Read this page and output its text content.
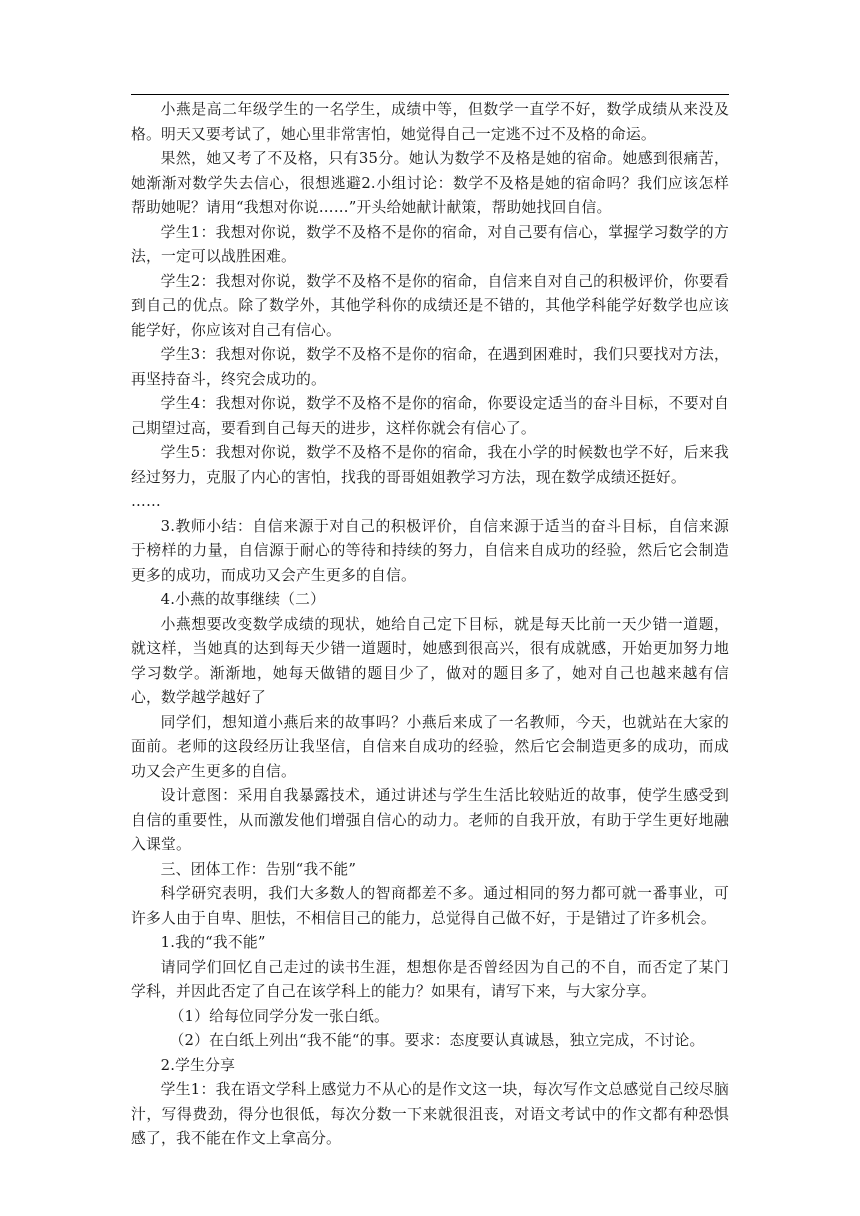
小燕是高二年级学生的一名学生，成绩中等，但数学一直学不好，数学成绩从来没及格。明天又要考试了，她心里非常害怕，她觉得自己一定逃不过不及格的命运。

果然，她又考了不及格，只有35分。她认为数学不及格是她的宿命。她感到很痛苦，她渐渐对数学失去信心，很想逃避2.小组讨论：数学不及格是她的宿命吗？我们应该怎样帮助她呢？请用“我想对你说……”开头给她献计献策，帮助她找回自信。

学生1：我想对你说，数学不及格不是你的宿命，对自己要有信心，掌握学习数学的方法，一定可以战胜困难。

学生2：我想对你说，数学不及格不是你的宿命，自信来自对自己的积极评价，你要看到自己的优点。除了数学外，其他学科你的成绩还是不错的，其他学科能学好数学也应该能学好，你应该对自己有信心。

学生3：我想对你说，数学不及格不是你的宿命，在遇到困难时，我们只要找对方法，再坚持奋斗，终究会成功的。

学生4：我想对你说，数学不及格不是你的宿命，你要设定适当的奋斗目标，不要对自己期望过高，要看到自己每天的进步，这样你就会有信心了。

学生5：我想对你说，数学不及格不是你的宿命，我在小学的时候数也学不好，后来我经过努力，克服了内心的害怕，找我的哥哥姐姐教学习方法，现在数学成绩还挺好。

……

3.教师小结：自信来源于对自己的积极评价，自信来源于适当的奋斗目标，自信来源于榜样的力量，自信源于耐心的等待和持续的努力，自信来自成功的经验，然后它会制造更多的成功，而成功又会产生更多的自信。

4.小燕的故事继续（二）

小燕想要改变数学成绩的现状，她给自己定下目标，就是每天比前一天少错一道题，就这样，当她真的达到每天少错一道题时，她感到很高兴，很有成就感，开始更加努力地学习数学。渐渐地，她每天做错的题目少了，做对的题目多了，她对自己也越来越有信心，数学越学越好了

同学们，想知道小燕后来的故事吗？小燕后来成了一名教师，今天，也就站在大家的面前。老师的这段经历让我坚信，自信来自成功的经验，然后它会制造更多的成功，而成功又会产生更多的自信。

设计意图：采用自我暴露技术，通过讲述与学生生活比较贴近的故事，使学生感受到自信的重要性，从而激发他们增强自信心的动力。老师的自我开放，有助于学生更好地融入课堂。

三、团体工作：告别“我不能”

科学研究表明，我们大多数人的智商都差不多。通过相同的努力都可就一番事业，可许多人由于自卑、胆怯，不相信目己的能力，总觉得自己做不好，于是错过了许多机会。

1.我的“我不能”

请同学们回忆自己走过的读书生涯，想想你是否曾经因为自己的不自，而否定了某门学科，并因此否定了自己在该学科上的能力？如果有，请写下来，与大家分享。

（1）给每位同学分发一张白纸。

（2）在白纸上列出“我不能“的事。要求：态度要认真诚恳，独立完成，不讨论。

2.学生分享

学生1：我在语文学科上感觉力不从心的是作文这一块，每次写作文总感觉自己绞尽脑汁，写得费劲，得分也很低，每次分数一下来就很沮丧，对语文考试中的作文都有种恐惧感了，我不能在作文上拿高分。
